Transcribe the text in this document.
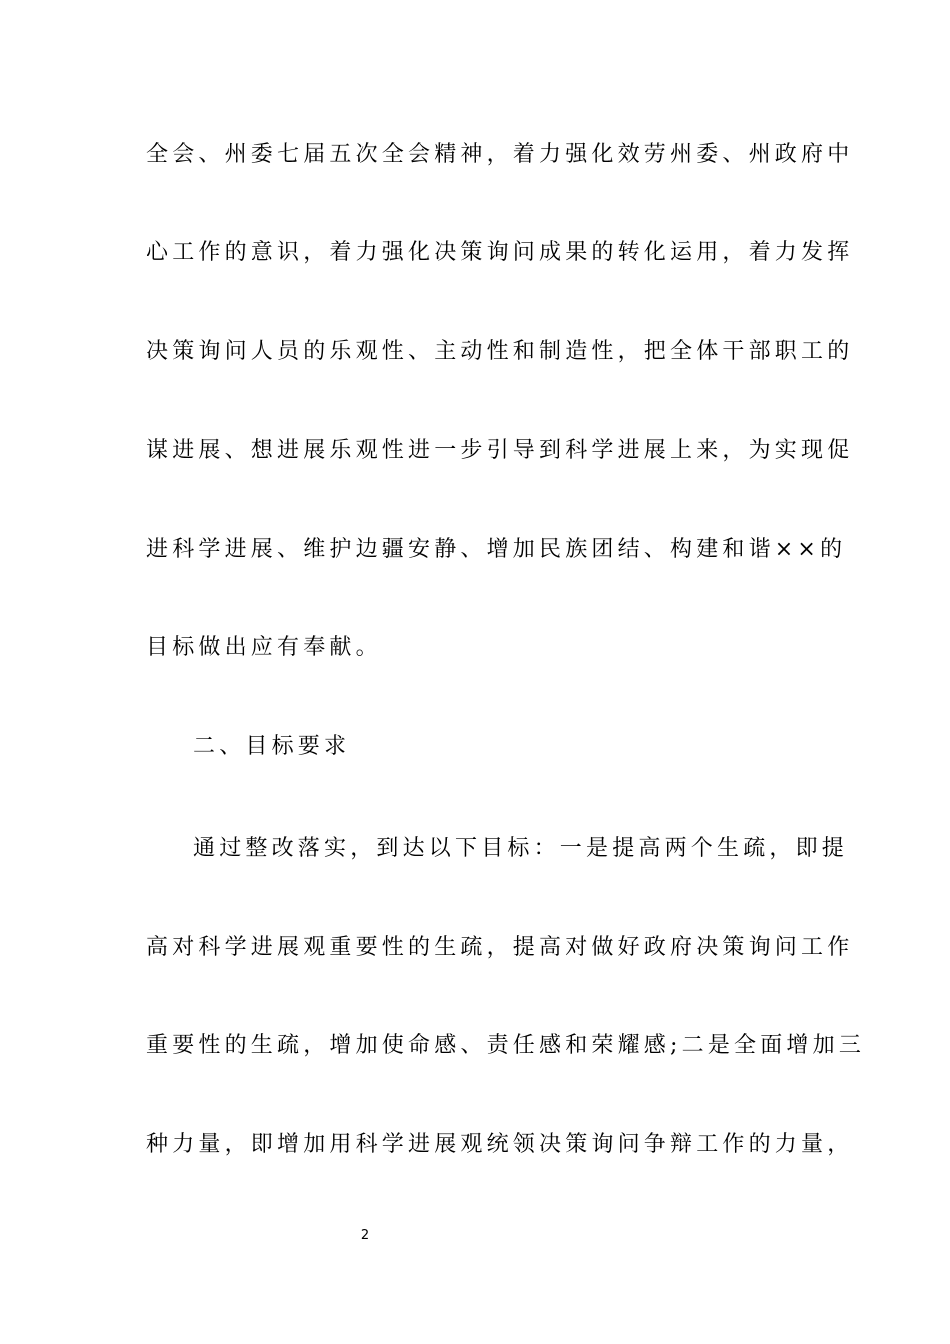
全会、州委七届五次全会精神，着力强化效劳州委、州政府中
心工作的意识，着力强化决策询问成果的转化运用，着力发挥
决策询问人员的乐观性、主动性和制造性，把全体干部职工的
谋进展、想进展乐观性进一步引导到科学进展上来，为实现促
进科学进展、维护边疆安静、增加民族团结、构建和谐××的
目标做出应有奉献。
二、目标要求
通过整改落实，到达以下目标：一是提高两个生疏，即提
高对科学进展观重要性的生疏，提高对做好政府决策询问工作
重要性的生疏，增加使命感、责任感和荣耀感;二是全面增加三
种力量，即增加用科学进展观统领决策询问争辩工作的力量，
2
